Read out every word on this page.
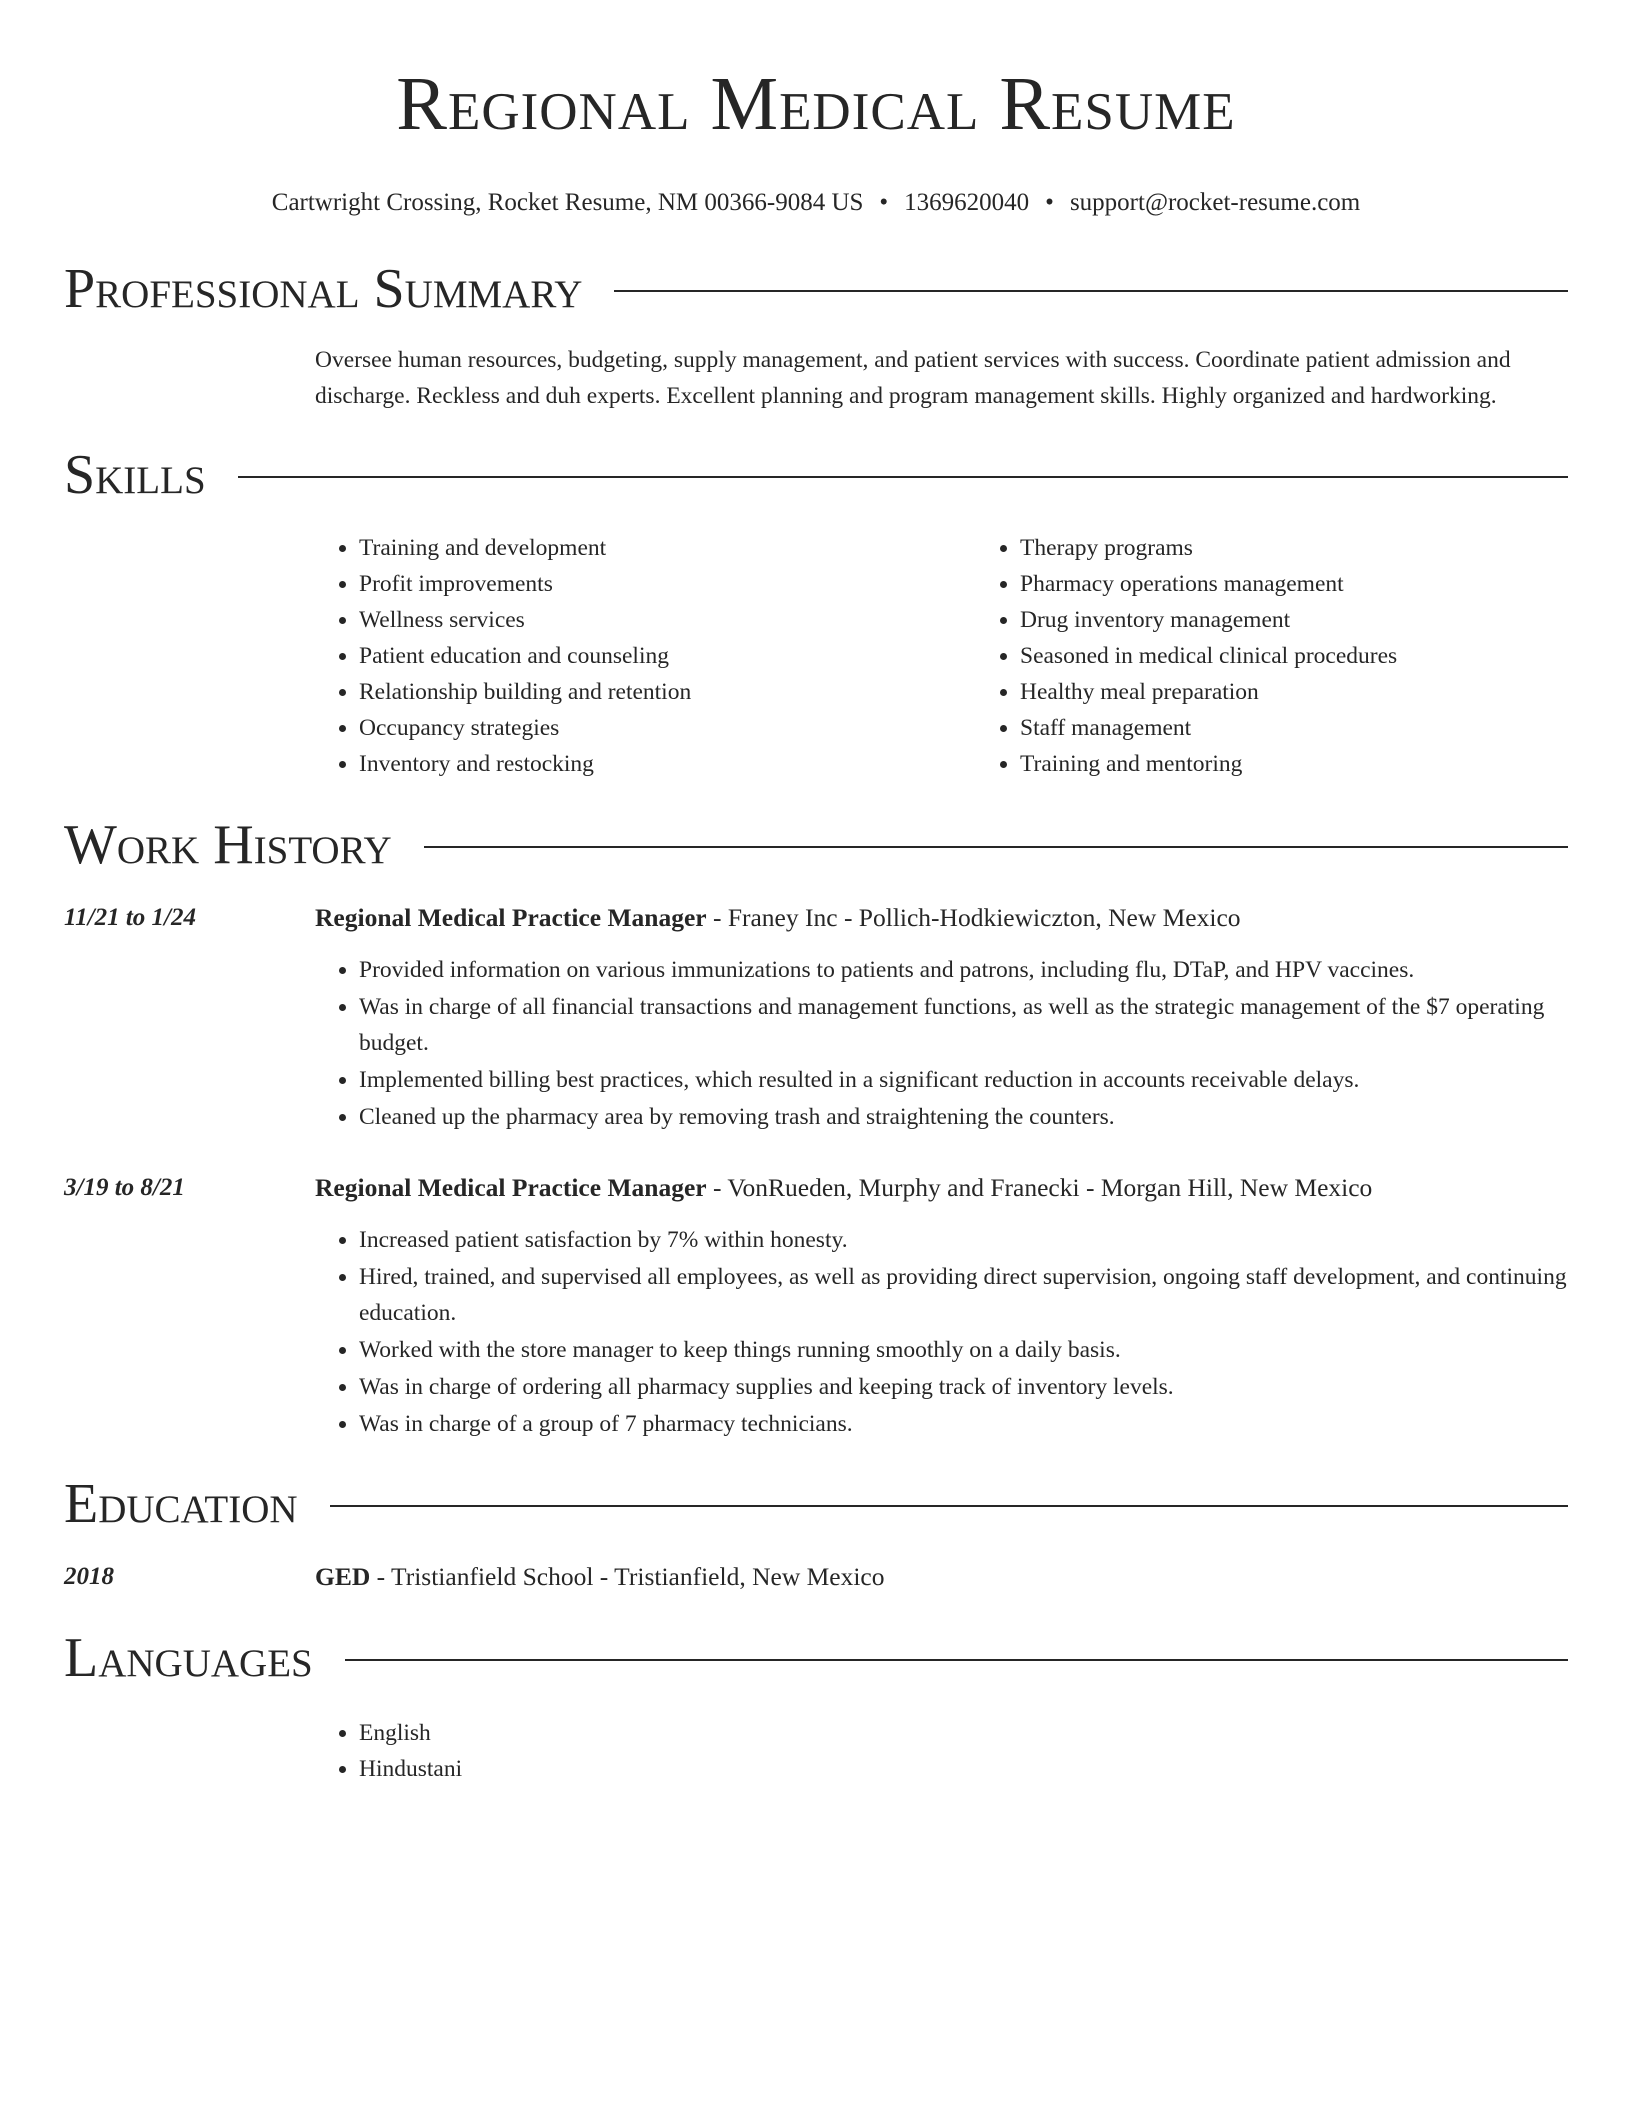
Regional Medical Resume
Cartwright Crossing, Rocket Resume, NM 00366-9084 US • 1369620040 • support@rocket-resume.com
Professional Summary

Oversee human resources, budgeting, supply management, and patient services with success. Coordinate patient admission and discharge. Reckless and duh experts. Excellent planning and program management skills. Highly organized and hardworking.

Skills
• Training and development
• Profit improvements
• Wellness services
• Patient education and counseling
• Relationship building and retention
• Occupancy strategies
• Inventory and restocking
• Therapy programs
• Pharmacy operations management
• Drug inventory management
• Seasoned in medical clinical procedures
• Healthy meal preparation
• Staff management
• Training and mentoring
Work History
11/21 to 1/24	Regional Medical Practice Manager - Franey Inc - Pollich-Hodkiewiczton, New Mexico
• Provided information on various immunizations to patients and patrons, including flu, DTaP, and HPV vaccines.
• Was in charge of all financial transactions and management functions, as well as the strategic management of the $7 operating budget.
• Implemented billing best practices, which resulted in a significant reduction in accounts receivable delays.
• Cleaned up the pharmacy area by removing trash and straightening the counters.
3/19 to 8/21	Regional Medical Practice Manager - VonRueden, Murphy and Franecki - Morgan Hill, New Mexico
• Increased patient satisfaction by 7% within honesty.
• Hired, trained, and supervised all employees, as well as providing direct supervision, ongoing staff development, and continuing education.
• Worked with the store manager to keep things running smoothly on a daily basis.
• Was in charge of ordering all pharmacy supplies and keeping track of inventory levels.
• Was in charge of a group of 7 pharmacy technicians.
Education
2018	GED - Tristianfield School - Tristianfield, New Mexico
Languages
• English
• Hindustani
